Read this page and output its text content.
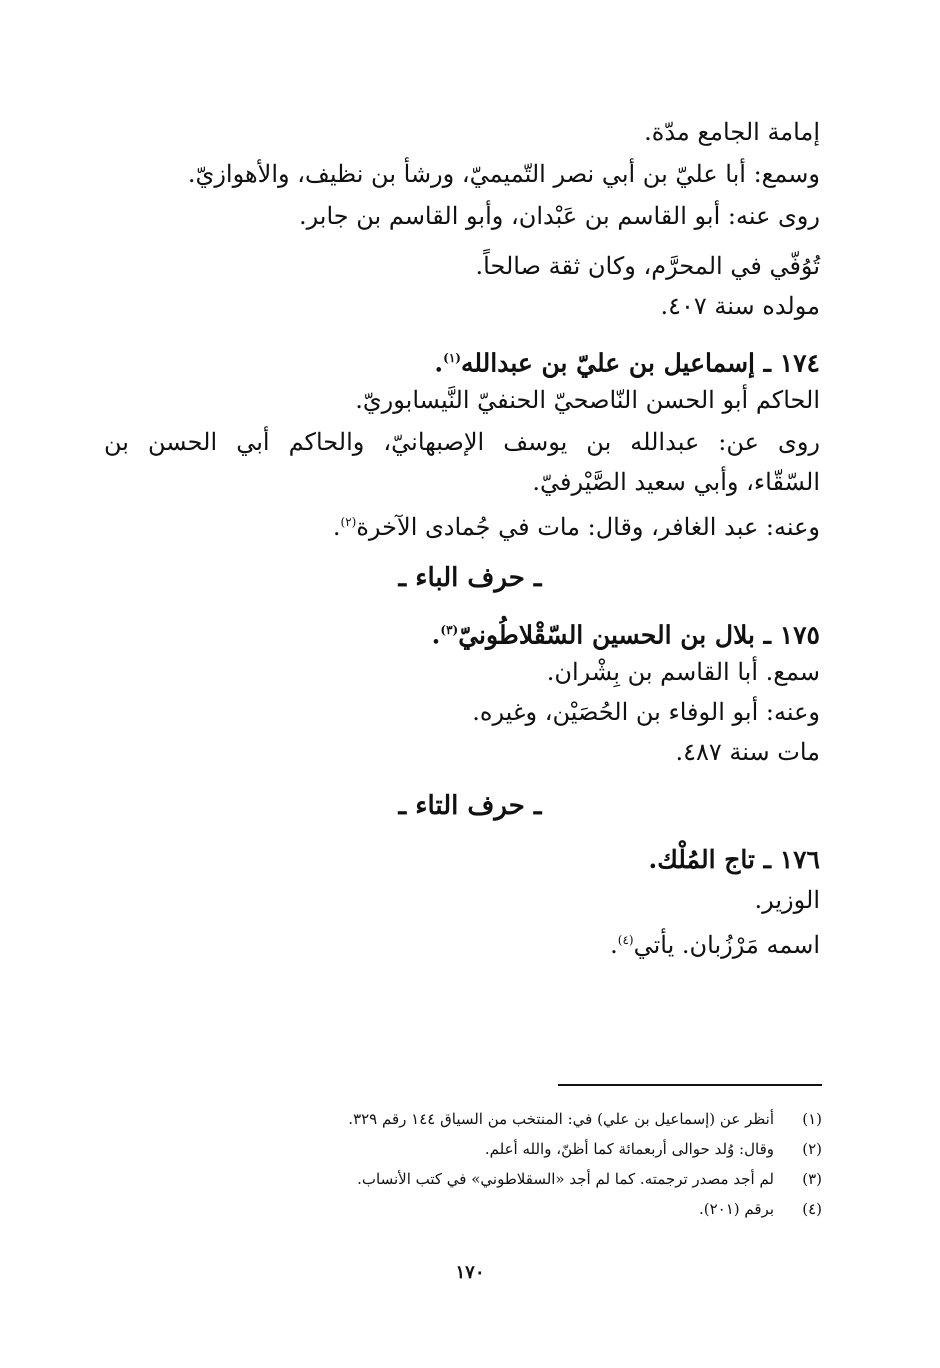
إمامة الجامع مدّة.
وسمع: أبا عليّ بن أبي نصر التّميميّ، ورشأ بن نظيف، والأهوازيّ.
روى عنه: أبو القاسم بن عَبْدان، وأبو القاسم بن جابر.
تُوُفّي في المحرَّم، وكان ثقة صالحاً.
مولده سنة ٤٠٧.
١٧٤ ـ إسماعيل بن عليّ بن عبدالله$^{(١)}$.
الحاكم أبو الحسن النّاصحيّ الحنفيّ النَّيسابوريّ.
روى عن: عبدالله بن يوسف الإصبهانيّ، والحاكم أبي الحسن بن
السّقّاء، وأبي سعيد الصَّيْرفيّ.
وعنه: عبد الغافر، وقال: مات في جُمادى الآخرة$^{(٢)}$.
ـ حرف الباء ـ
١٧٥ ـ بلال بن الحسين السّقْلاطُونيّ$^{(٣)}$.
سمع. أبا القاسم بن بِشْران.
وعنه: أبو الوفاء بن الحُصَيْن، وغيره.
مات سنة ٤٨٧.
ـ حرف التاء ـ
١٧٦ ـ تاج المُلْك.
الوزير.
اسمه مَرْزُبان. يأتي$^{(٤)}$.
(١)أنظر عن (إسماعيل بن علي) في: المنتخب من السياق ١٤٤ رقم ٣٢٩.
(٢)وقال: وُلد حوالى أربعمائة كما أظنّ، والله أعلم.
(٣)لم أجد مصدر ترجمته. كما لم أجد «السقلاطوني» في كتب الأنساب.
(٤)برقم (٢٠١).
١٧٠
